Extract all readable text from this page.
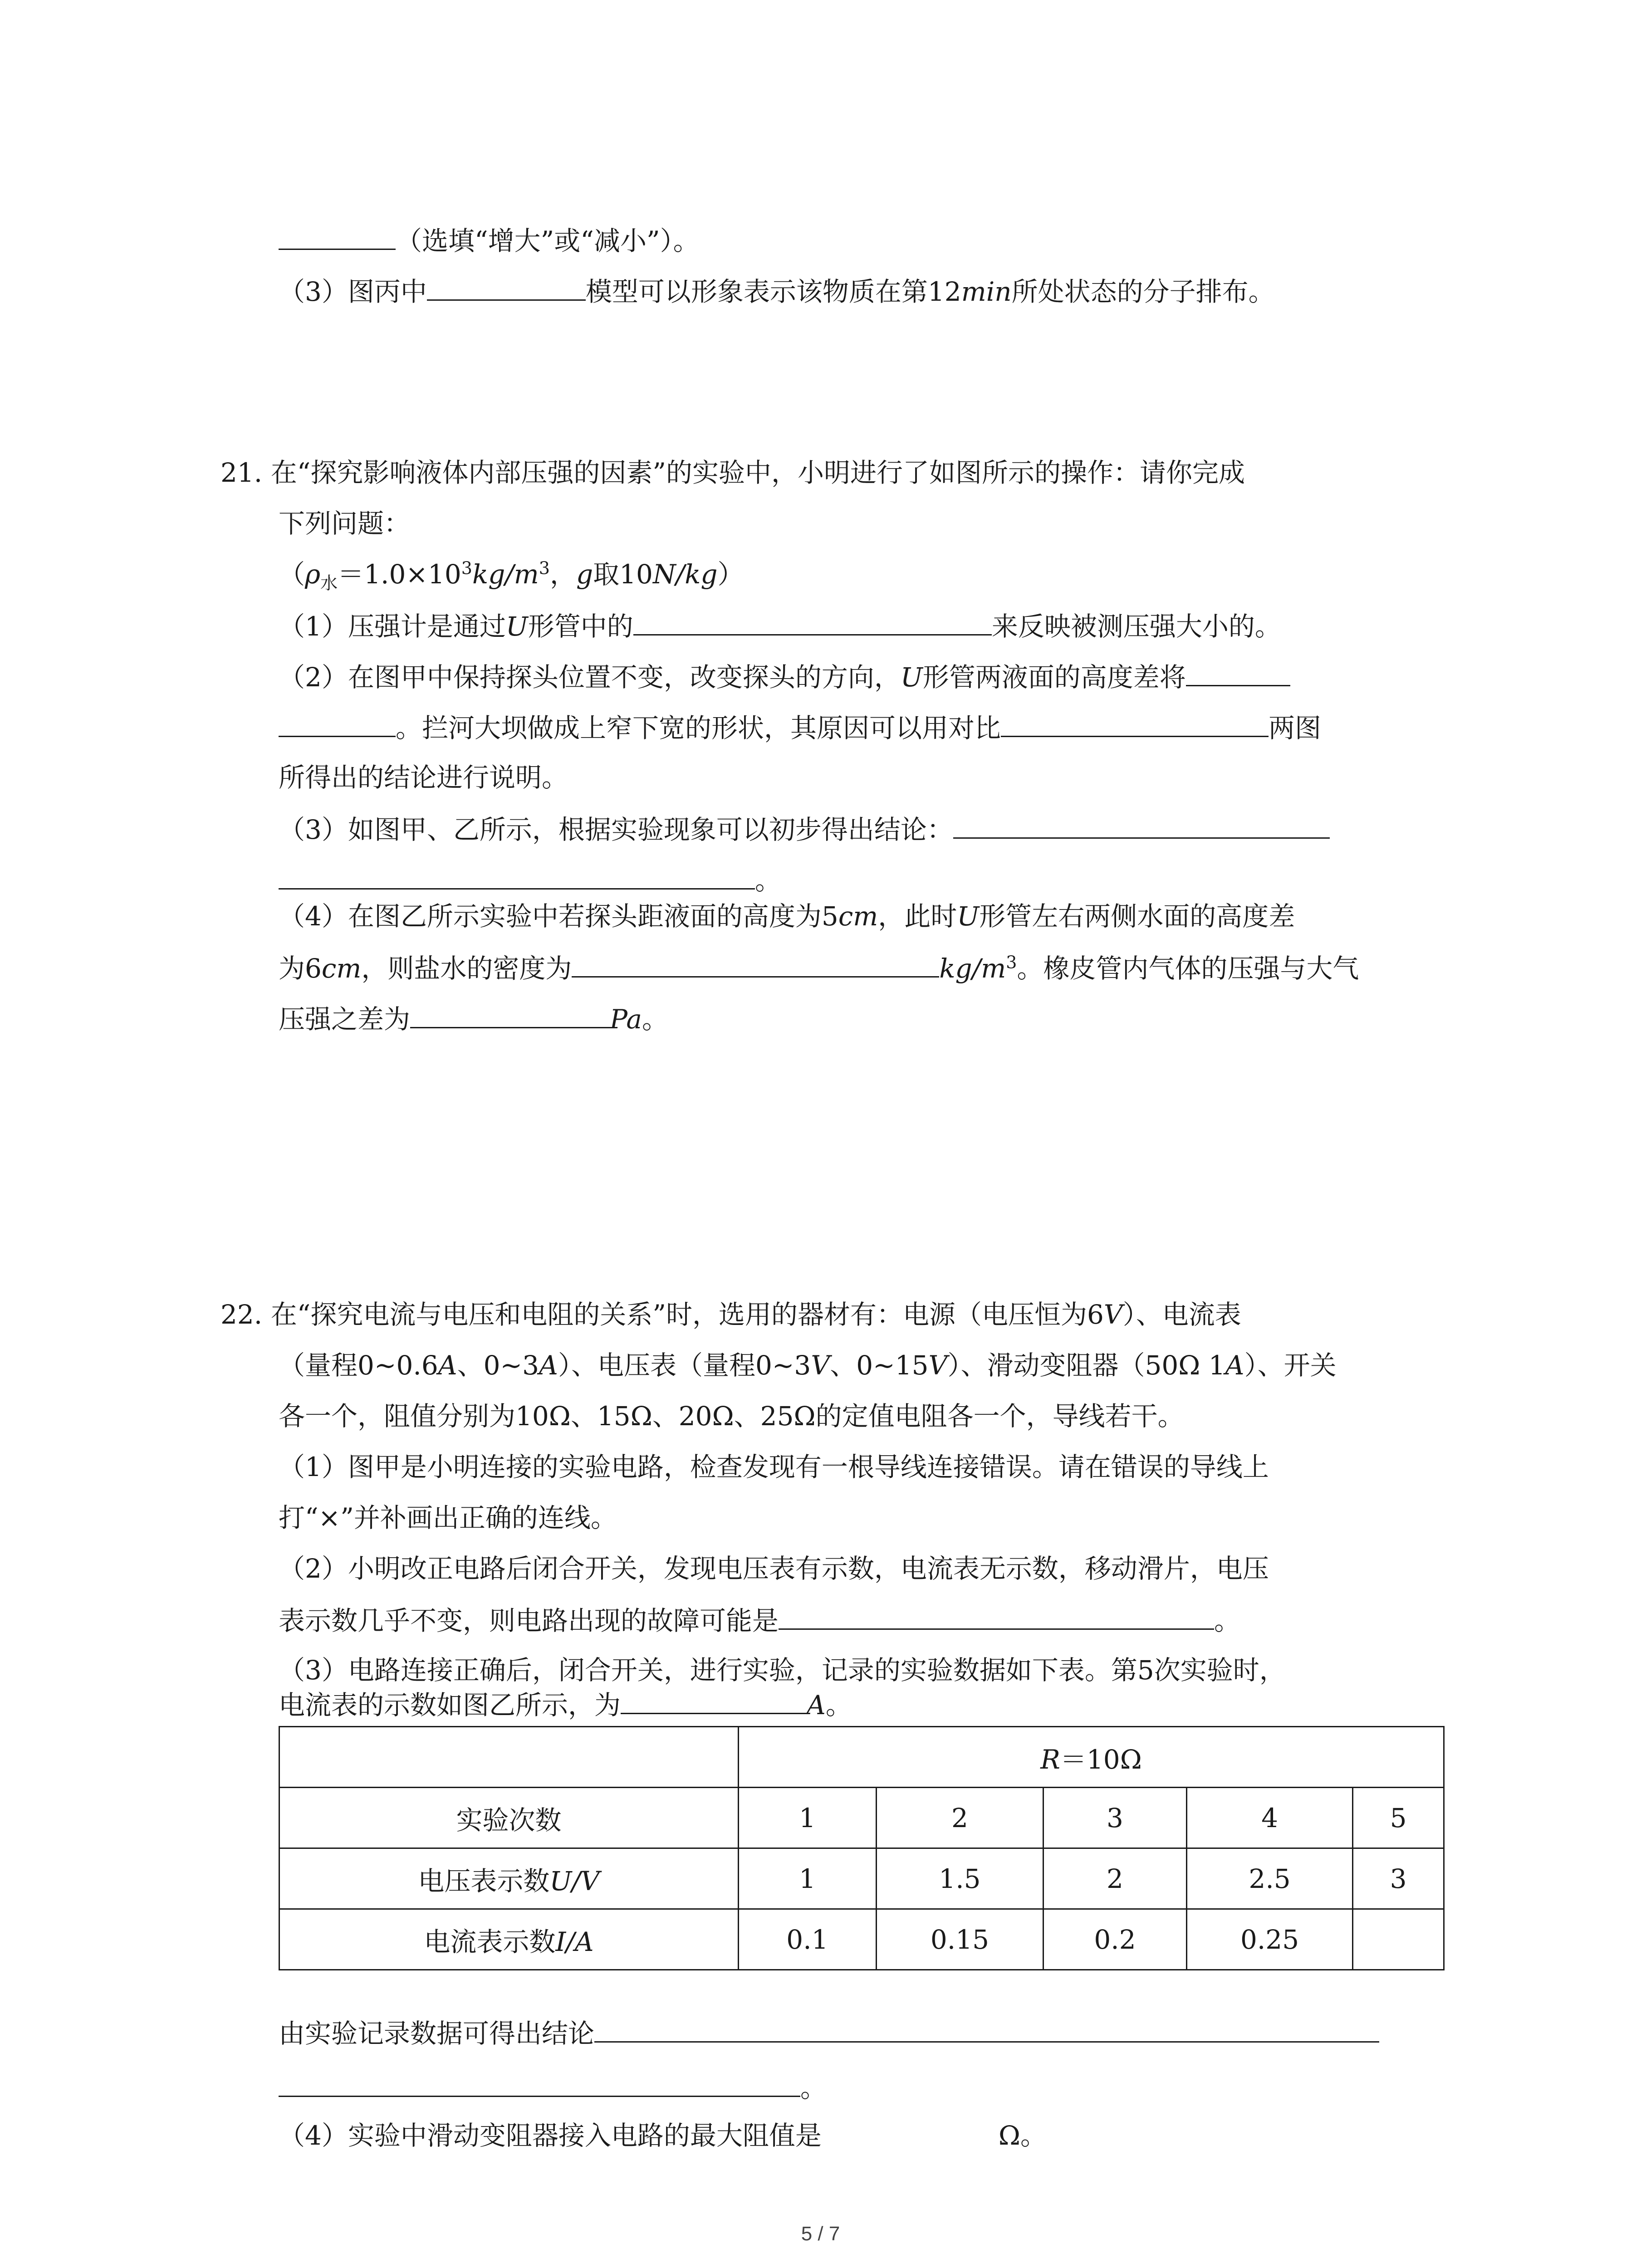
（选填“增大”或“减小”）。
（3）图丙中	模型可以形象表示该物质在第12min所处状态的分子排布。
21. 在“探究影响液体内部压强的因素”的实验中，小明进行了如图所示的操作：请你完成
下列问题：
（$\rho_水=1.0\times 10^3kg/m^3$，g取10N/kg）
（1）压强计是通过U形管中的	来反映被测压强大小的。
（2）在图甲中保持探头位置不变，改变探头的方向，U形管两液面的高度差将
。拦河大坝做成上窄下宽的形状，其原因可以用对比	两图
所得出的结论进行说明。
（3）如图甲、乙所示，根据实验现象可以初步得出结论：
。
（4）在图乙所示实验中若探头距液面的高度为5cm，此时U形管左右两侧水面的高度差
为6cm，则盐水的密度为	$kg/m^3$。橡皮管内气体的压强与大气
压强之差为	Pa。
22. 在“探究电流与电压和电阻的关系”时，选用的器材有：电源（电压恒为6V）、电流表
（量程0~0.6A、0~3A）、电压表（量程0~3V、0~15V）、滑动变阻器（50Ω 1A）、开关
各一个，阻值分别为10Ω、15Ω、20Ω、25Ω的定值电阻各一个，导线若干。
（1）图甲是小明连接的实验电路，检查发现有一根导线连接错误。请在错误的导线上
打“×”并补画出正确的连线。
（2）小明改正电路后闭合开关，发现电压表有示数，电流表无示数，移动滑片，电压
表示数几乎不变，则电路出现的故障可能是	。
（3）电路连接正确后，闭合开关，进行实验，记录的实验数据如下表。第5次实验时，
电流表的示数如图乙所示，为	A。
	R＝10Ω				
实验次数	1	2	3	4	5
电压表示数U/V	1	1.5	2	2.5	3
电流表示数I/A	0.1	0.15	0.2	0.25	
由实验记录数据可得出结论
。
（4）实验中滑动变阻器接入电路的最大阻值是	Ω。
5 / 7
